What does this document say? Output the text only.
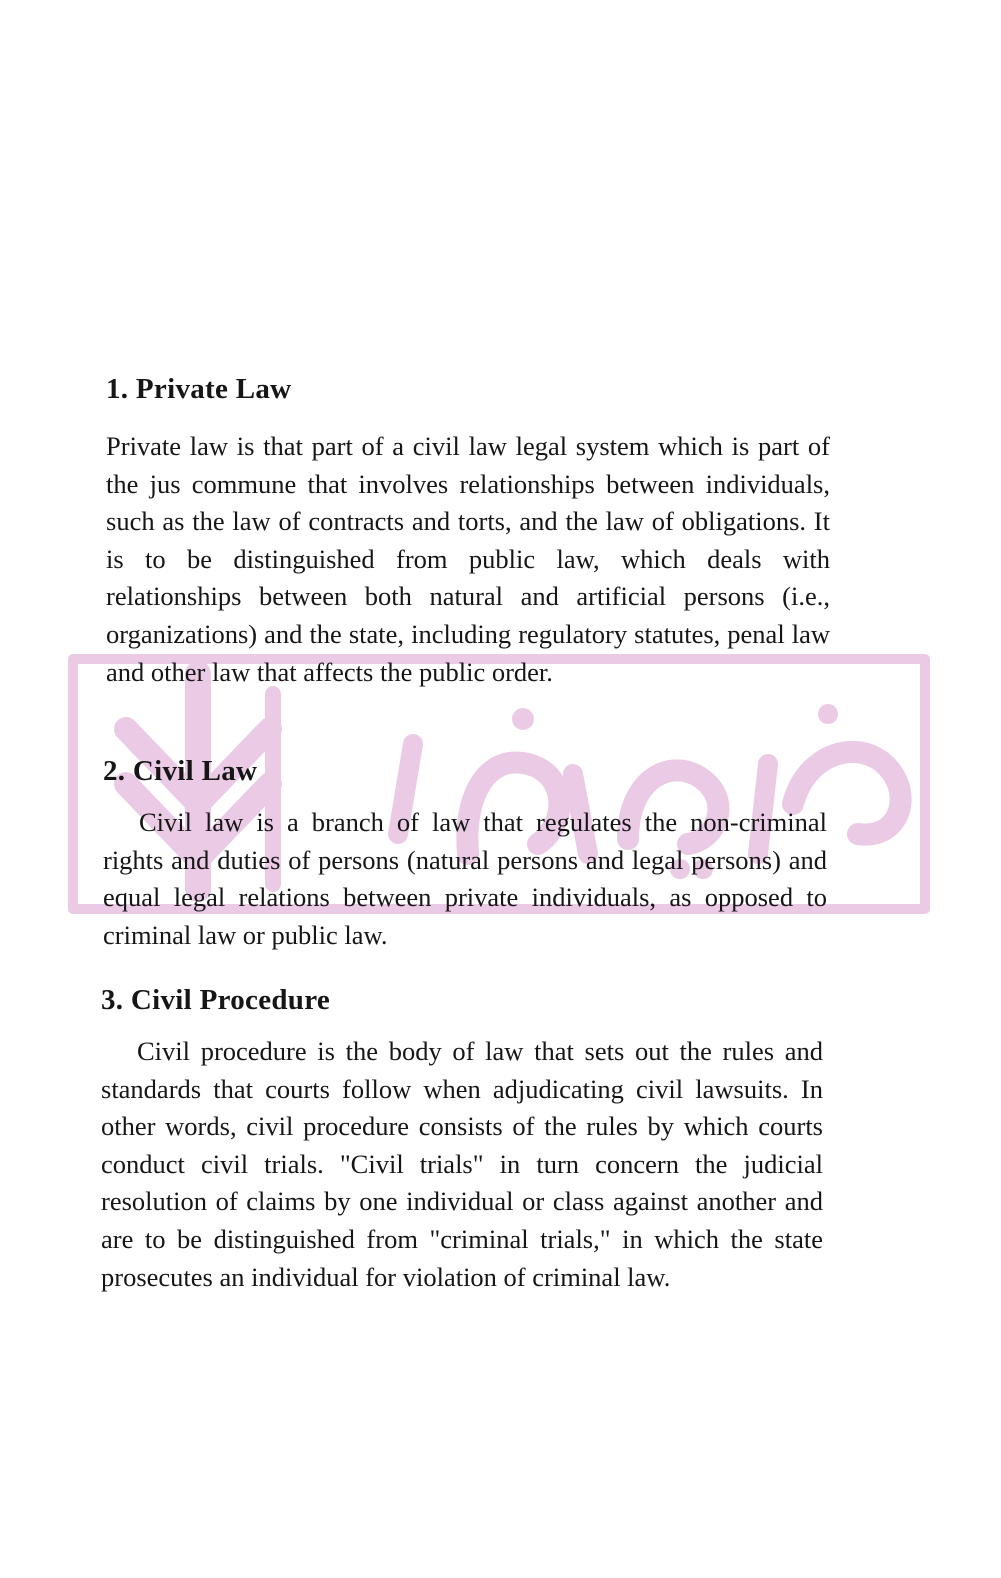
1. Private Law

Private law is that part of a civil law legal system which is part of the jus commune that involves relationships between individuals, such as the law of contracts and torts, and the law of obligations. It is to be distinguished from public law, which deals with relationships between both natural and artificial persons (i.e., organizations) and the state, including regulatory statutes, penal law and other law that affects the public order.

2. Civil Law

Civil law is a branch of law that regulates the non-criminal rights and duties of persons (natural persons and legal persons) and equal legal relations between private individuals, as opposed to criminal law or public law.

3. Civil Procedure

Civil procedure is the body of law that sets out the rules and standards that courts follow when adjudicating civil lawsuits. In other words, civil procedure consists of the rules by which courts conduct civil trials. "Civil trials" in turn concern the judicial resolution of claims by one individual or class against another and are to be distinguished from "criminal trials," in which the state prosecutes an individual for violation of criminal law.
